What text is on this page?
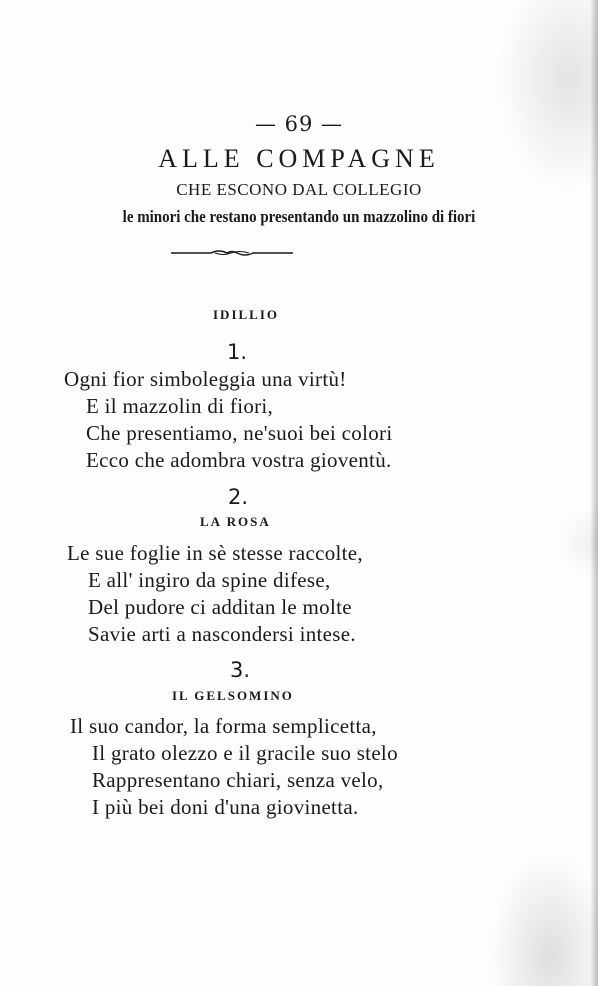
— 69 —
ALLE COMPAGNE
CHE ESCONO DAL COLLEGIO
le minori che restano presentando un mazzolino di fiori
IDILLIO
1.
Ogni fior simboleggia una virtù!
E il mazzolin di fiori,
Che presentiamo, ne'suoi bei colori
Ecco che adombra vostra gioventù.
2.
LA ROSA
Le sue foglie in sè stesse raccolte,
E all' ingiro da spine difese,
Del pudore ci additan le molte
Savie arti a nascondersi intese.
3.
IL GELSOMINO
Il suo candor, la forma semplicetta,
Il grato olezzo e il gracile suo stelo
Rappresentano chiari, senza velo,
I più bei doni d'una giovinetta.
